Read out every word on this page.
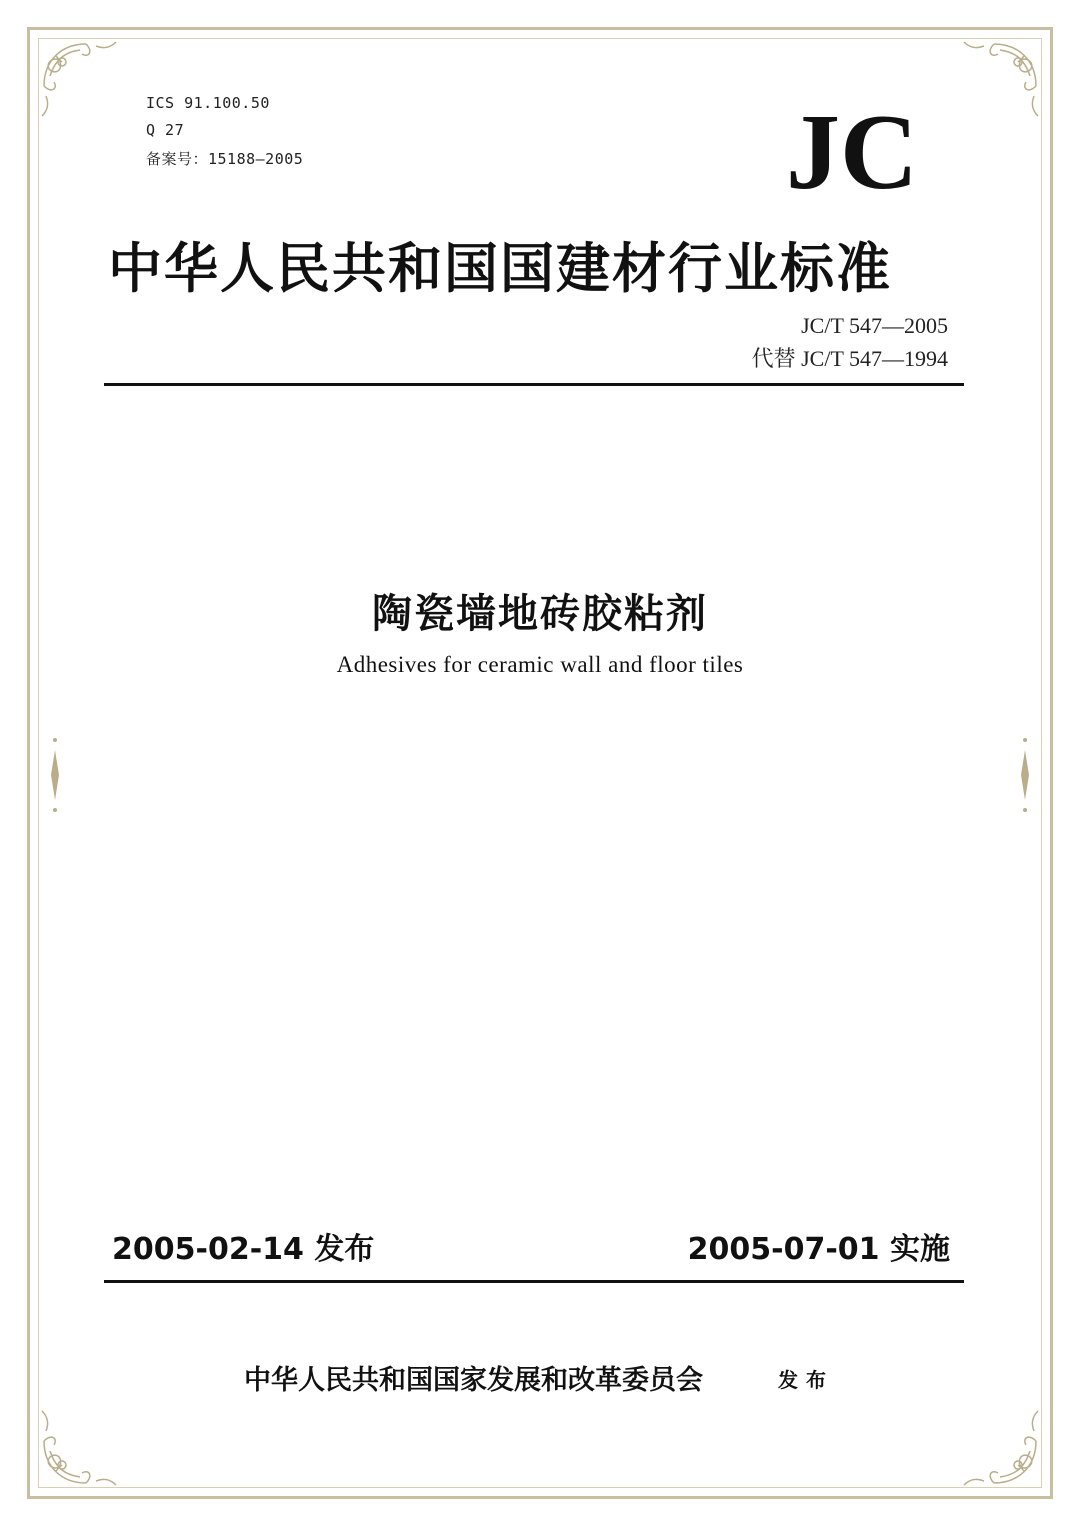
ICS 91.100.50
Q 27
备案号：15188—2005	JC
中华人民共和国国建材行业标准
JC/T 547—2005
代替 JC/T 547—1994
陶瓷墙地砖胶粘剂
Adhesives for ceramic wall and floor tiles
2005-02-14 发布	2005-07-01 实施
中华人民共和国国家发展和改革委员会	发布
